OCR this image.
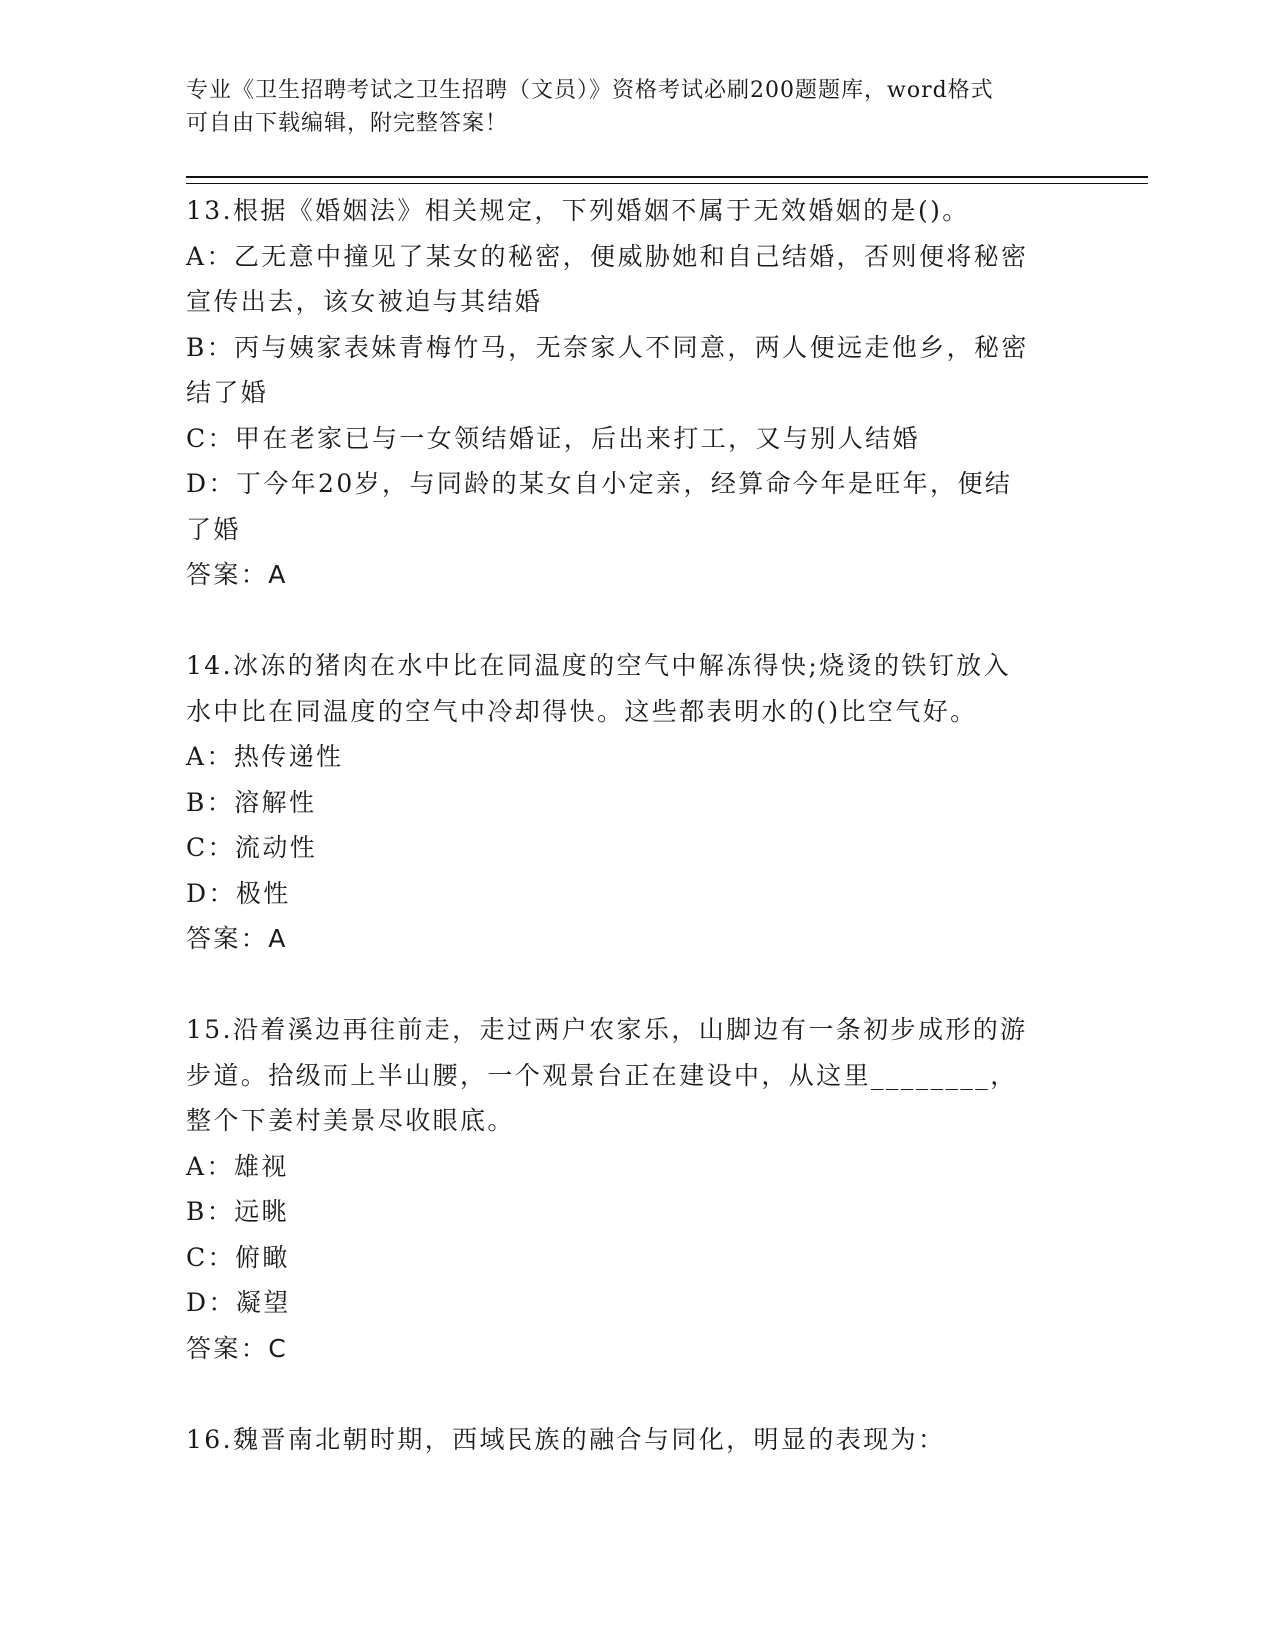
专业《卫生招聘考试之卫生招聘（文员）》资格考试必刷200题题库，word格式
可自由下载编辑，附完整答案！
13.根据《婚姻法》相关规定，下列婚姻不属于无效婚姻的是()。
A：乙无意中撞见了某女的秘密，便威胁她和自己结婚，否则便将秘密
宣传出去，该女被迫与其结婚
B：丙与姨家表妹青梅竹马，无奈家人不同意，两人便远走他乡，秘密
结了婚
C：甲在老家已与一女领结婚证，后出来打工，又与别人结婚
D：丁今年20岁，与同龄的某女自小定亲，经算命今年是旺年，便结
了婚
答案：A
14.冰冻的猪肉在水中比在同温度的空气中解冻得快;烧烫的铁钉放入
水中比在同温度的空气中冷却得快。这些都表明水的()比空气好。
A：热传递性
B：溶解性
C：流动性
D：极性
答案：A
15.沿着溪边再往前走，走过两户农家乐，山脚边有一条初步成形的游
步道。拾级而上半山腰，一个观景台正在建设中，从这里________，
整个下姜村美景尽收眼底。
A：雄视
B：远眺
C：俯瞰
D：凝望
答案：C
16.魏晋南北朝时期，西域民族的融合与同化，明显的表现为：
